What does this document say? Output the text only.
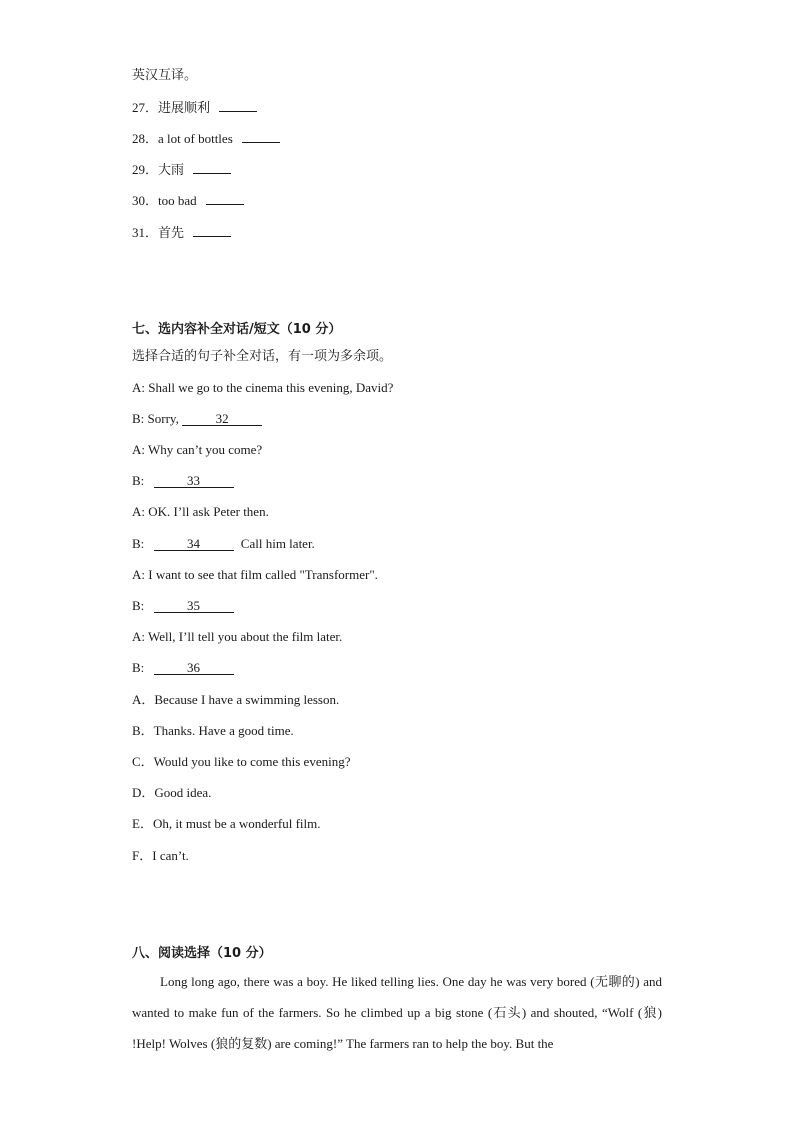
英汉互译。
27．进展顺利
28．a lot of bottles
29．大雨
30．too bad
31．首先
七、选内容补全对话/短文（10 分）
选择合适的句子补全对话，有一项为多余项。
A: Shall we go to the cinema this evening, David?
B: Sorry,	32
A: Why can’t you come?
B:	33
A: OK. I’ll ask Peter then.
B:	34	Call him later.
A: I want to see that film called "Transformer".
B:	35
A: Well, I’ll tell you about the film later.
B:	36
A．Because I have a swimming lesson.
B．Thanks. Have a good time.
C．Would you like to come this evening?
D．Good idea.
E．Oh, it must be a wonderful film.
F．I can’t.
八、阅读选择（10 分）

Long long ago, there was a boy. He liked telling lies. One day he was very bored (无聊的) and wanted to make fun of the farmers. So he climbed up a big stone (石头) and shouted, “Wolf (狼) !Help! Wolves (狼的复数) are coming!” The farmers ran to help the boy. But the
